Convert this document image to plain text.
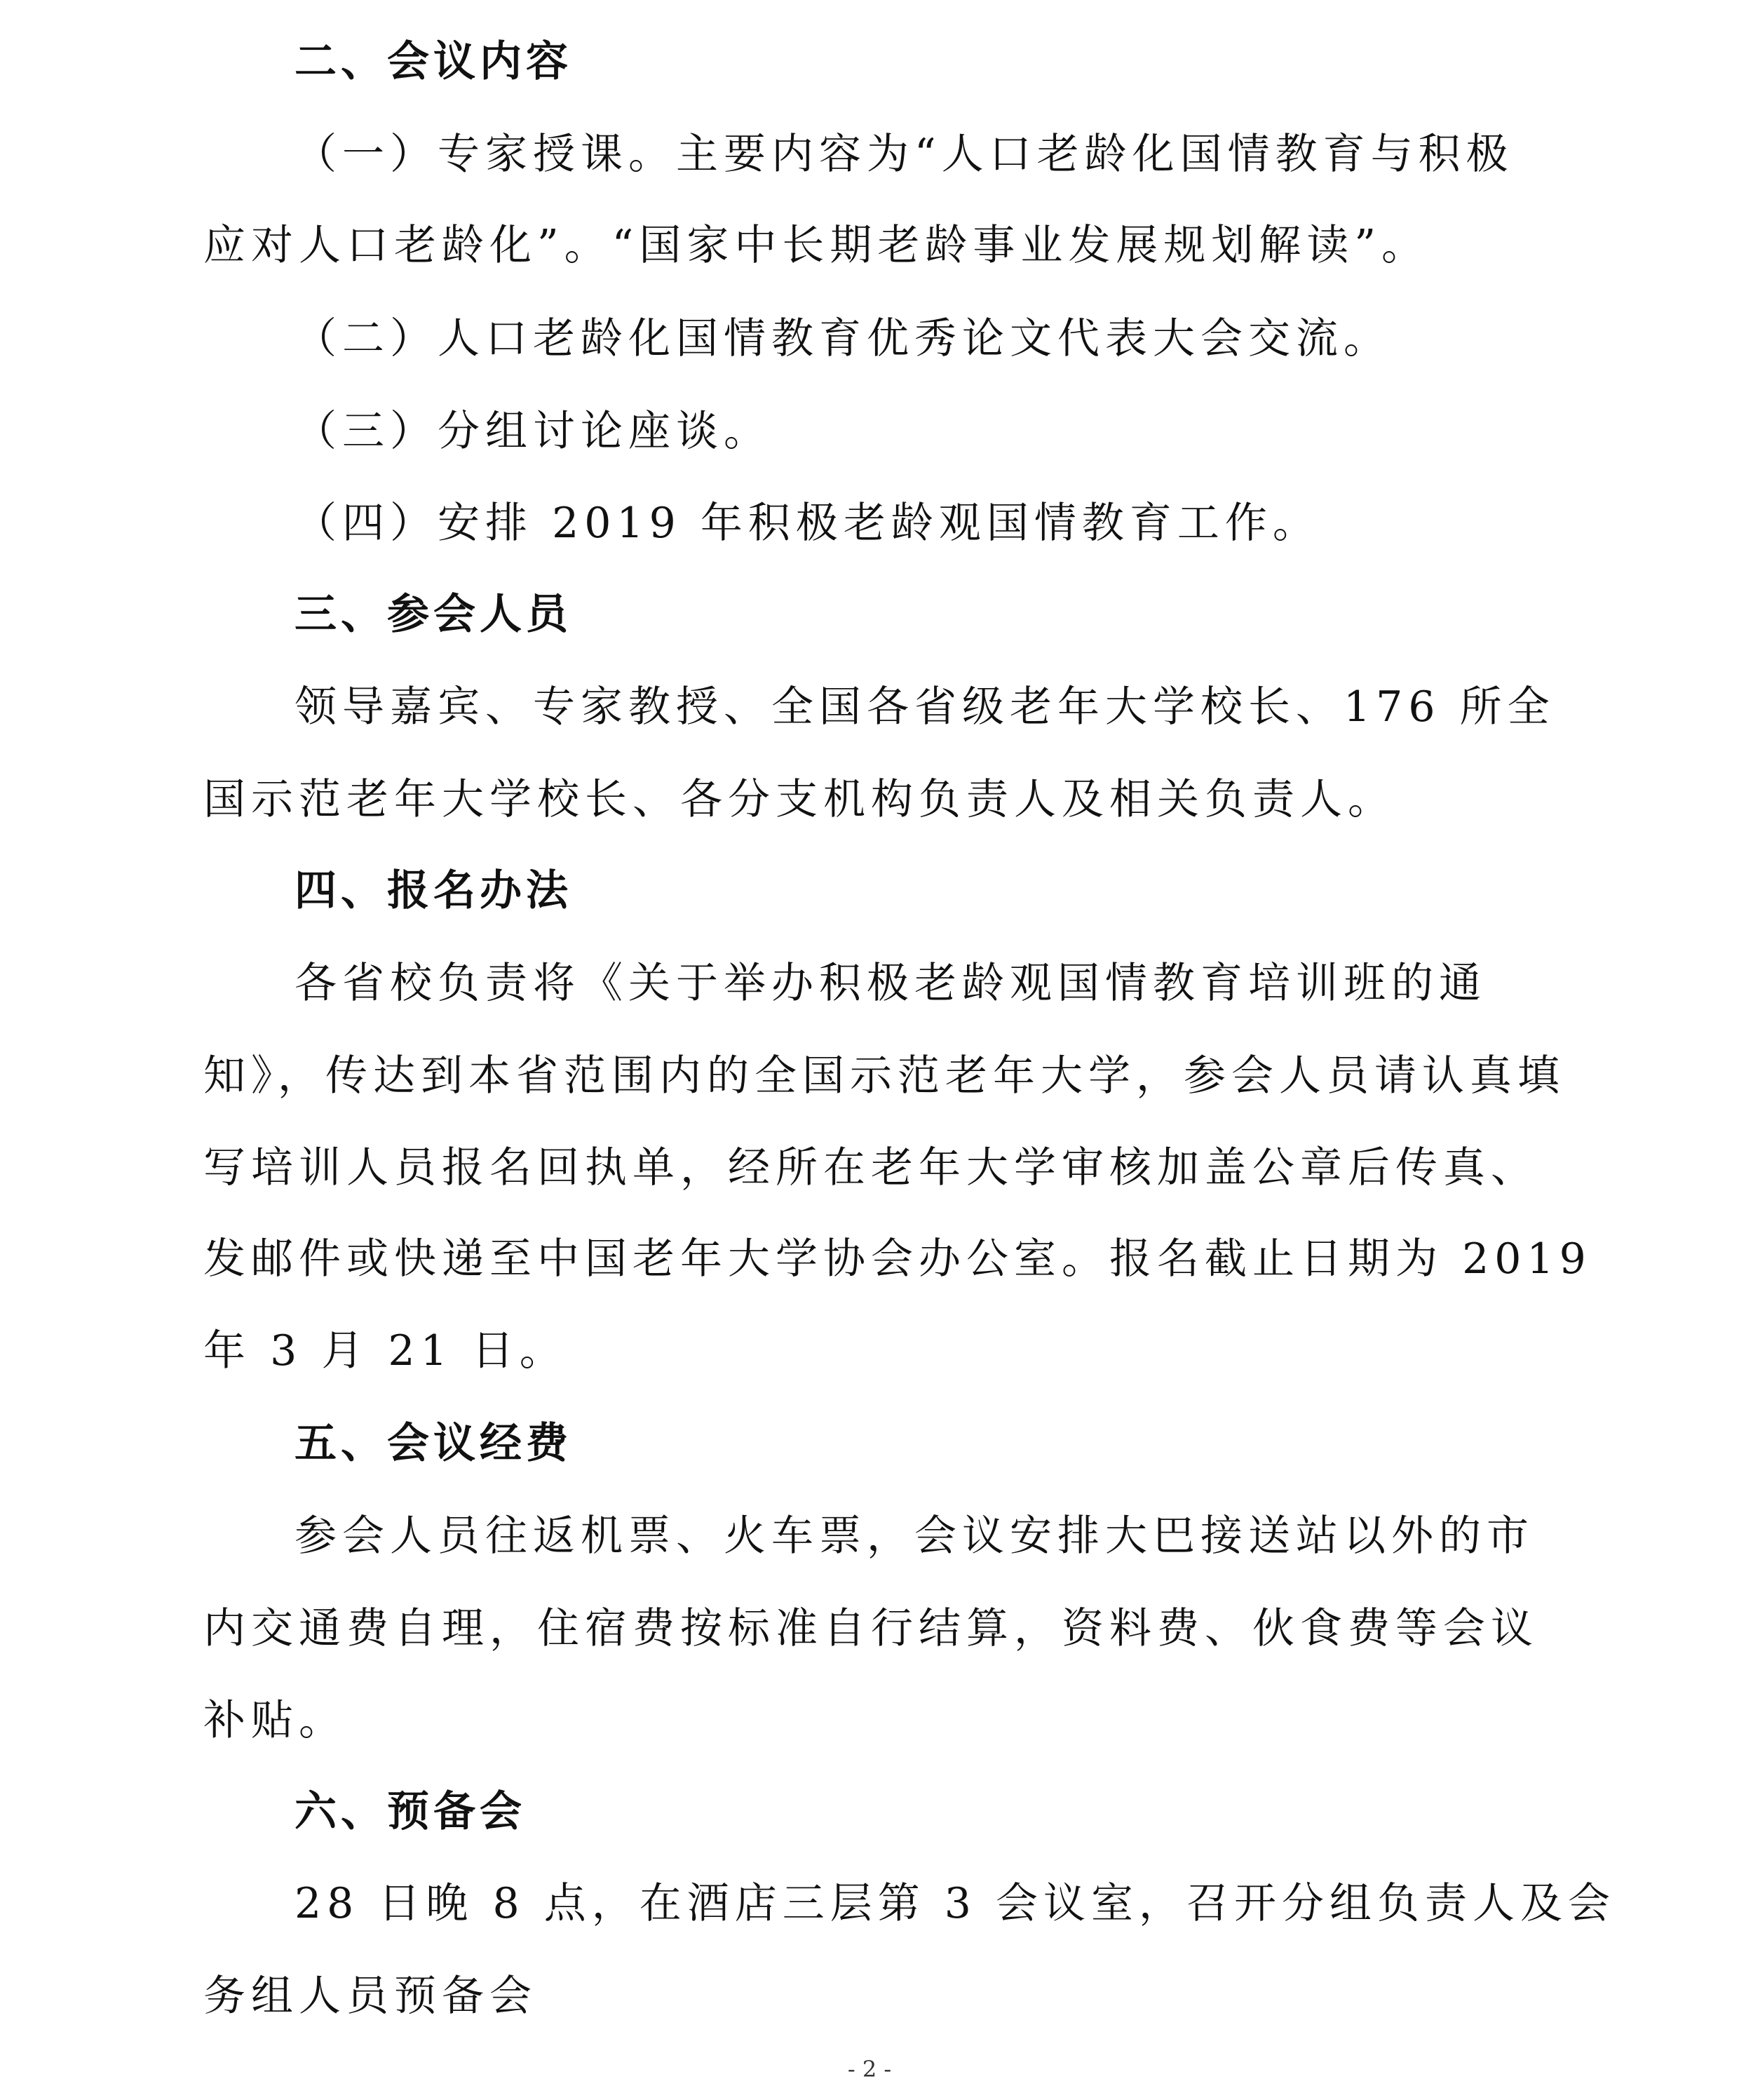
二、会议内容
（一）专家授课。主要内容为“人口老龄化国情教育与积极
应对人口老龄化”。“国家中长期老龄事业发展规划解读”。
（二）人口老龄化国情教育优秀论文代表大会交流。
（三）分组讨论座谈。
（四）安排 2019 年积极老龄观国情教育工作。
三、参会人员
领导嘉宾、专家教授、全国各省级老年大学校长、176 所全
国示范老年大学校长、各分支机构负责人及相关负责人。
四、报名办法
各省校负责将《关于举办积极老龄观国情教育培训班的通
知》，传达到本省范围内的全国示范老年大学，参会人员请认真填
写培训人员报名回执单，经所在老年大学审核加盖公章后传真、
发邮件或快递至中国老年大学协会办公室。报名截止日期为 2019
年 3 月 21 日。
五、会议经费
参会人员往返机票、火车票，会议安排大巴接送站以外的市
内交通费自理，住宿费按标准自行结算，资料费、伙食费等会议
补贴。
六、预备会
28 日晚 8 点，在酒店三层第 3 会议室，召开分组负责人及会
务组人员预备会
- 2 -
